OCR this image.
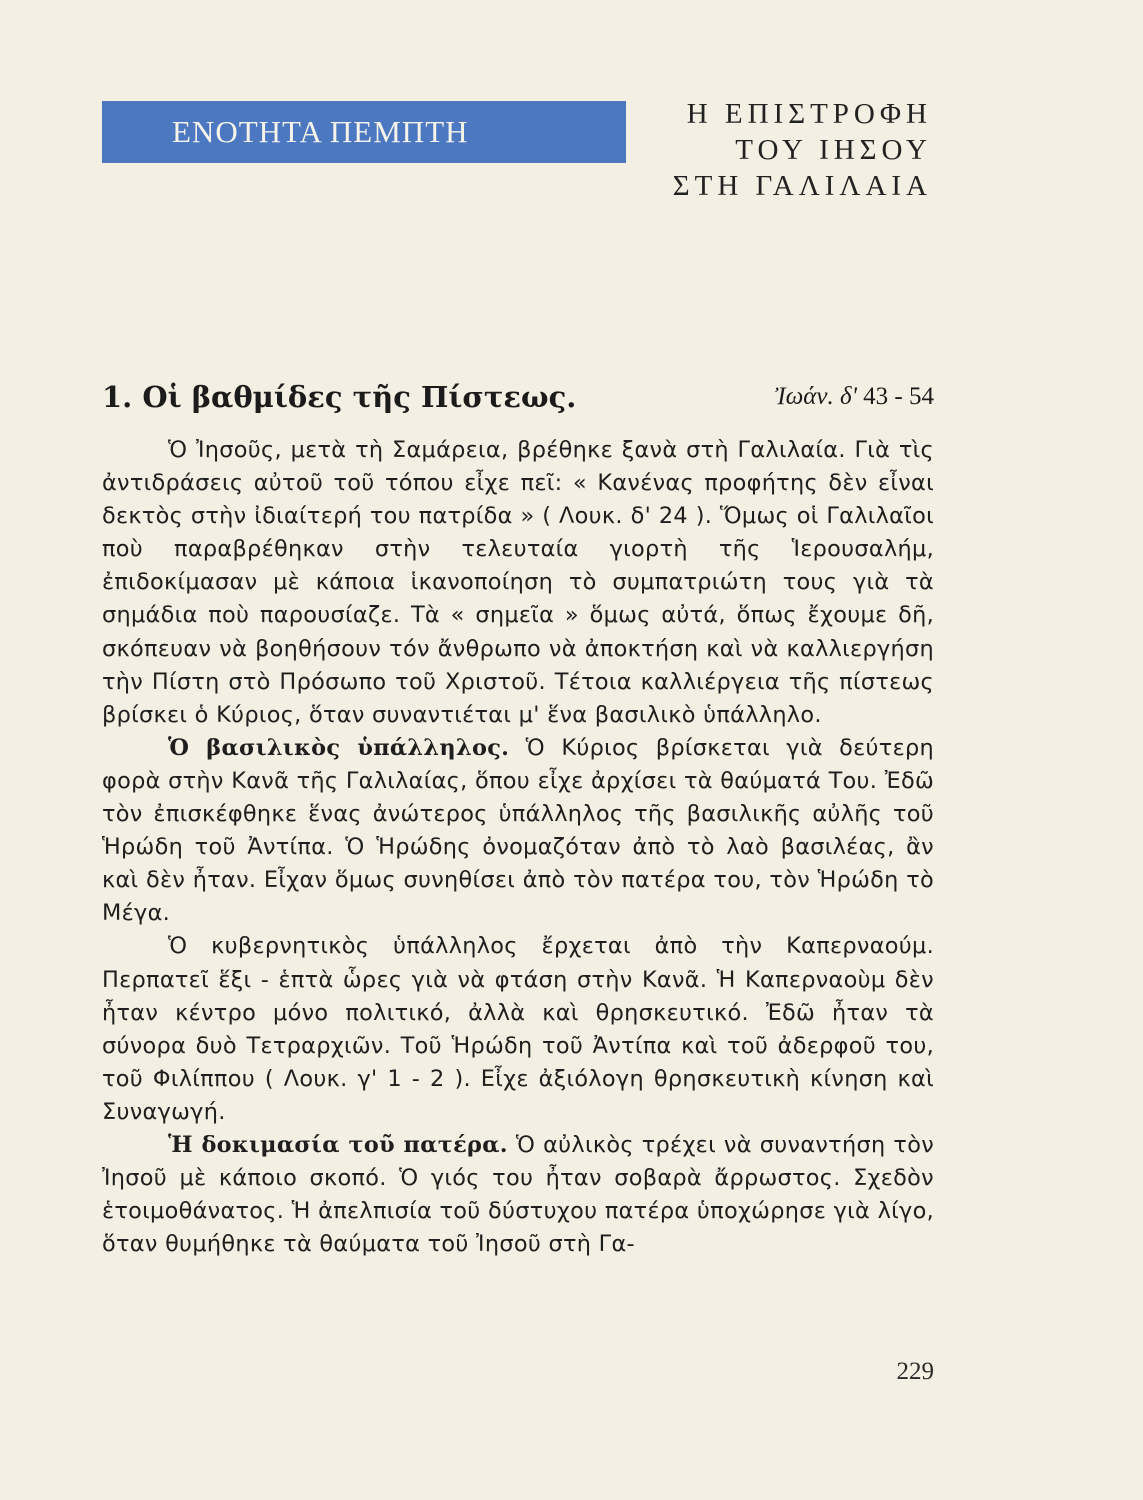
ΕΝΟΤΗΤΑ ΠΕΜΠΤΗ	Η ΕΠΙΣΤΡΟΦΗ
ΤΟΥ ΙΗΣΟΥ
ΣΤΗ ΓΑΛΙΛΑΙΑ
1. Οἱ βαθμίδες τῆς Πίστεως.	Ἰωάν. δ' 43 - 54

Ὁ Ἰησοῦς, μετὰ τὴ Σαμάρεια, βρέθηκε ξανὰ στὴ Γαλιλαία. Γιὰ τὶς ἀντιδράσεις αὐτοῦ τοῦ τόπου εἶχε πεῖ: « Κανένας προφήτης δὲν εἶναι δεκτὸς στὴν ἰδιαίτερή του πατρίδα » ( Λουκ. δ' 24 ). Ὅμως οἱ Γαλιλαῖοι ποὺ παραβρέθηκαν στὴν τελευταία γιορτὴ τῆς Ἱερουσαλήμ, ἐπιδοκίμασαν μὲ κάποια ἱκανοποίηση τὸ συμπατριώτη τους γιὰ τὰ σημάδια ποὺ παρουσίαζε. Τὰ « σημεῖα » ὅμως αὐτά, ὅπως ἔχουμε δῆ, σκόπευαν νὰ βοηθήσουν τόν ἄνθρωπο νὰ ἀποκτήση καὶ νὰ καλλιεργήση τὴν Πίστη στὸ Πρόσωπο τοῦ Χριστοῦ. Τέτοια καλλιέργεια τῆς πίστεως βρίσκει ὁ Κύριος, ὅταν συναντιέται μ' ἕνα βασιλικὸ ὑπάλληλο.

Ὁ βασιλικὸς ὑπάλληλος. Ὁ Κύριος βρίσκεται γιὰ δεύτερη φορὰ στὴν Κανᾶ τῆς Γαλιλαίας, ὅπου εἶχε ἀρχίσει τὰ θαύματά Του. Ἐδῶ τὸν ἐπισκέφθηκε ἕνας ἀνώτερος ὑπάλληλος τῆς βασιλικῆς αὐλῆς τοῦ Ἡρώδη τοῦ Ἀντίπα. Ὁ Ἡρώδης ὀνομαζόταν ἀπὸ τὸ λαὸ βασιλέας, ἂν καὶ δὲν ἦταν. Εἶχαν ὅμως συνηθίσει ἀπὸ τὸν πατέρα του, τὸν Ἡρώδη τὸ Μέγα.

Ὁ κυβερνητικὸς ὑπάλληλος ἔρχεται ἀπὸ τὴν Καπερναούμ. Περπατεῖ ἕξι - ἑπτὰ ὧρες γιὰ νὰ φτάση στὴν Κανᾶ. Ἡ Καπερναοὺμ δὲν ἦταν κέντρο μόνο πολιτικό, ἀλλὰ καὶ θρησκευτικό. Ἐδῶ ἦταν τὰ σύνορα δυὸ Τετραρχιῶν. Τοῦ Ἡρώδη τοῦ Ἀντίπα καὶ τοῦ ἀδερφοῦ του, τοῦ Φιλίππου ( Λουκ. γ' 1 - 2 ). Εἶχε ἀξιόλογη θρησκευτικὴ κίνηση καὶ Συναγωγή.

Ἡ δοκιμασία τοῦ πατέρα. Ὁ αὐλικὸς τρέχει νὰ συναντήση τὸν Ἰησοῦ μὲ κάποιο σκοπό. Ὁ γιός του ἦταν σοβαρὰ ἄρρωστος. Σχεδὸν ἑτοιμοθάνατος. Ἡ ἀπελπισία τοῦ δύστυχου πατέρα ὑποχώρησε γιὰ λίγο, ὅταν θυμήθηκε τὰ θαύματα τοῦ Ἰησοῦ στὴ Γα-

229
